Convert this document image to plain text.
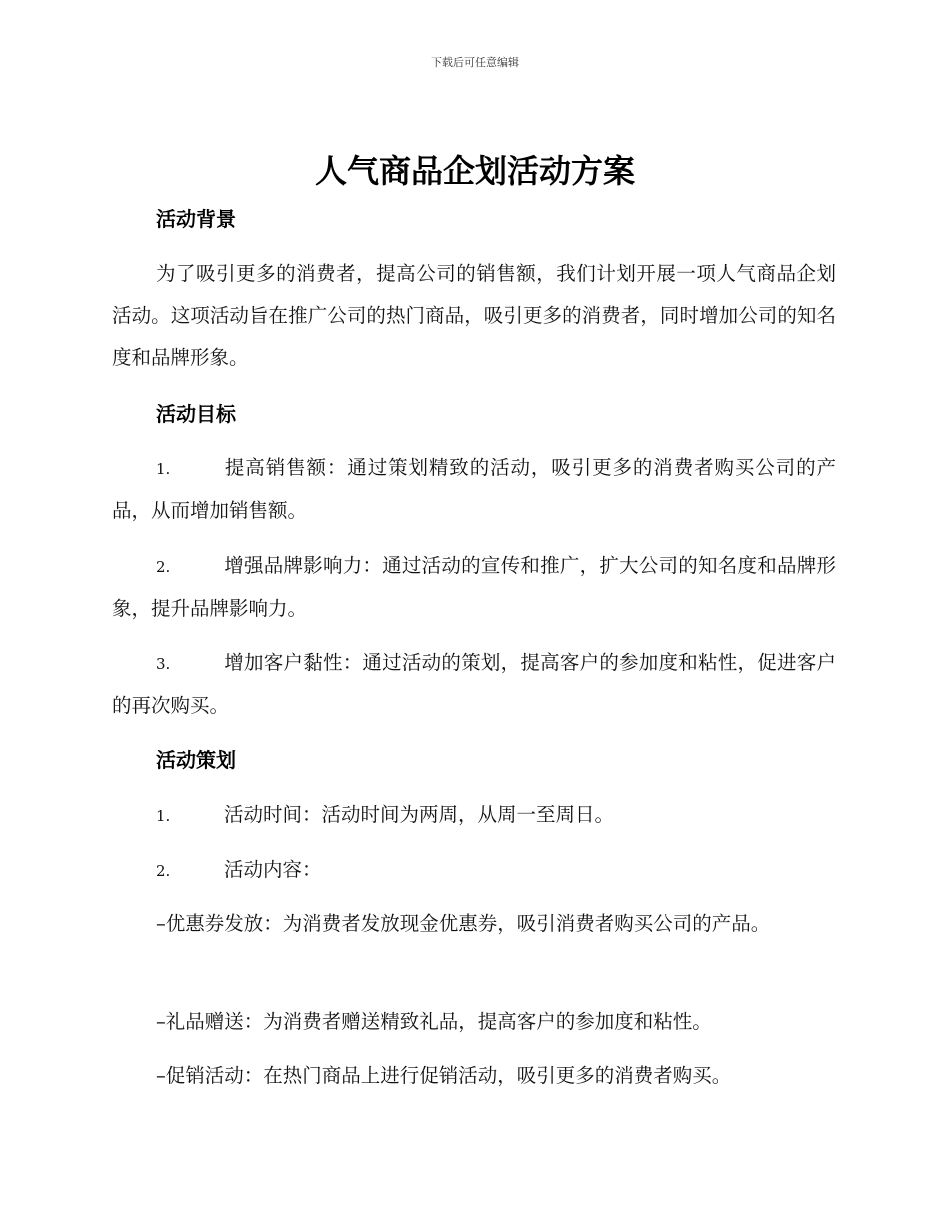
下载后可任意编辑
人气商品企划活动方案
活动背景
为了吸引更多的消费者，提高公司的销售额，我们计划开展一项人气商品企划活动。这项活动旨在推广公司的热门商品，吸引更多的消费者，同时增加公司的知名度和品牌形象。
活动目标
1.	提高销售额：通过策划精致的活动，吸引更多的消费者购买公司的产品，从而增加销售额。
2.	增强品牌影响力：通过活动的宣传和推广，扩大公司的知名度和品牌形象，提升品牌影响力。
3.	增加客户黏性：通过活动的策划，提高客户的参加度和粘性，促进客户的再次购买。
活动策划
1.	活动时间：活动时间为两周，从周一至周日。
2.	活动内容：
–优惠券发放：为消费者发放现金优惠券，吸引消费者购买公司的产品。
–礼品赠送：为消费者赠送精致礼品，提高客户的参加度和粘性。
–促销活动：在热门商品上进行促销活动，吸引更多的消费者购买。
